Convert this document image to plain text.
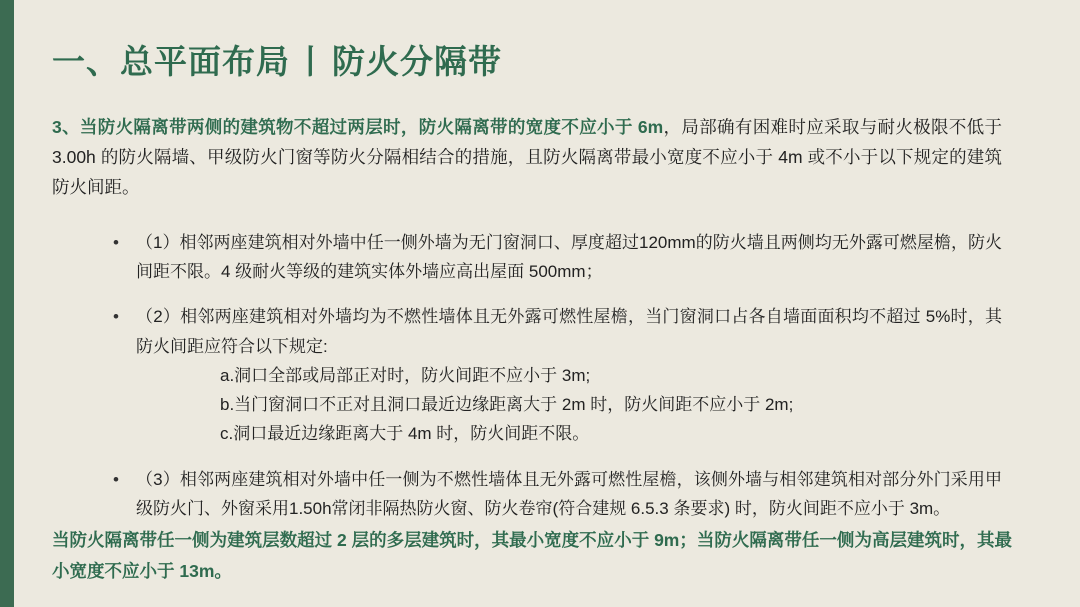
一、总平面布局 丨 防火分隔带

3、当防火隔离带两侧的建筑物不超过两层时，防火隔离带的宽度不应小于 6m，局部确有困难时应采取与耐火极限不低于 3.00h 的防火隔墙、甲级防火门窗等防火分隔相结合的措施，且防火隔离带最小宽度不应小于 4m 或不小于以下规定的建筑防火间距。

•	（1）相邻两座建筑相对外墙中任一侧外墙为无门窗洞口、厚度超过120mm的防火墙且两侧均无外露可燃屋檐，防火间距不限。4 级耐火等级的建筑实体外墙应高出屋面 500mm；
•	（2）相邻两座建筑相对外墙均为不燃性墙体且无外露可燃性屋檐，当门窗洞口占各自墙面面积均不超过 5%时，其防火间距应符合以下规定:
a.洞口全部或局部正对时，防火间距不应小于 3m;
b.当门窗洞口不正对且洞口最近边缘距离大于 2m 时，防火间距不应小于 2m;
c.洞口最近边缘距离大于 4m 时，防火间距不限。
•	（3）相邻两座建筑相对外墙中任一侧为不燃性墙体且无外露可燃性屋檐，该侧外墙与相邻建筑相对部分外门采用甲级防火门、外窗采用1.50h常闭非隔热防火窗、防火卷帘(符合建规 6.5.3 条要求) 时，防火间距不应小于 3m。
当防火隔离带任一侧为建筑层数超过 2 层的多层建筑时，其最小宽度不应小于 9m；当防火隔离带任一侧为高层建筑时，其最小宽度不应小于 13m。
